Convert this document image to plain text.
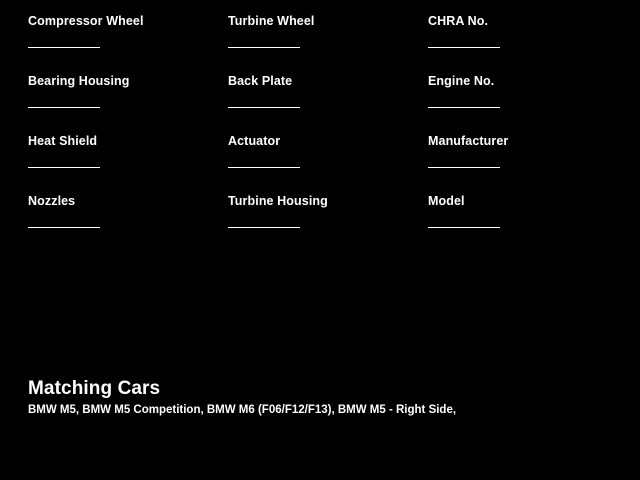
Compressor Wheel	Turbine Wheel	CHRA No.
Bearing Housing	Back Plate	Engine No.
Heat Shield	Actuator	Manufacturer
Nozzles	Turbine Housing	Model
Matching Cars
BMW M5, BMW M5 Competition, BMW M6 (F06/F12/F13), BMW M5 - Right Side,
